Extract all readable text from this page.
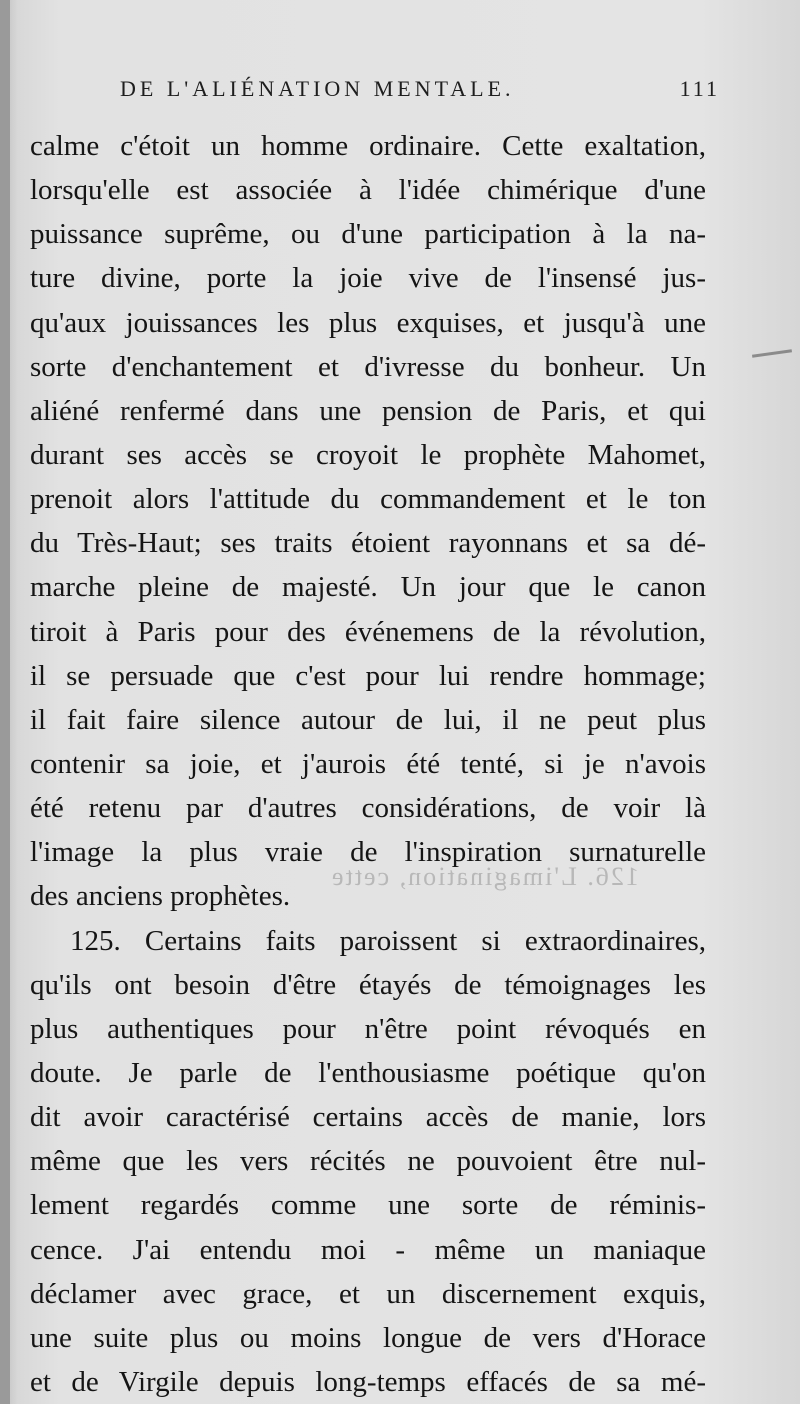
DE L'ALIÉNATION MENTALE.	111
calme c'étoit un homme ordinaire. Cette exaltation,
lorsqu'elle est associée à l'idée chimérique d'une
puissance suprême, ou d'une participation à la na-
ture divine, porte la joie vive de l'insensé jus-
qu'aux jouissances les plus exquises, et jusqu'à une
sorte d'enchantement et d'ivresse du bonheur. Un
aliéné renfermé dans une pension de Paris, et qui
durant ses accès se croyoit le prophète Mahomet,
prenoit alors l'attitude du commandement et le ton
du Très-Haut; ses traits étoient rayonnans et sa dé-
marche pleine de majesté. Un jour que le canon
tiroit à Paris pour des événemens de la révolution,
il se persuade que c'est pour lui rendre hommage;
il fait faire silence autour de lui, il ne peut plus
contenir sa joie, et j'aurois été tenté, si je n'avois
été retenu par d'autres considérations, de voir là
l'image la plus vraie de l'inspiration surnaturelle
des anciens prophètes.
125. Certains faits paroissent si extraordinaires,
qu'ils ont besoin d'être étayés de témoignages les
plus authentiques pour n'être point révoqués en
doute. Je parle de l'enthousiasme poétique qu'on
dit avoir caractérisé certains accès de manie, lors
même que les vers récités ne pouvoient être nul-
lement regardés comme une sorte de réminis-
cence. J'ai entendu moi - même un maniaque
déclamer avec grace, et un discernement exquis,
une suite plus ou moins longue de vers d'Horace
et de Virgile depuis long-temps effacés de sa mé-
126. L'imagination, cette
